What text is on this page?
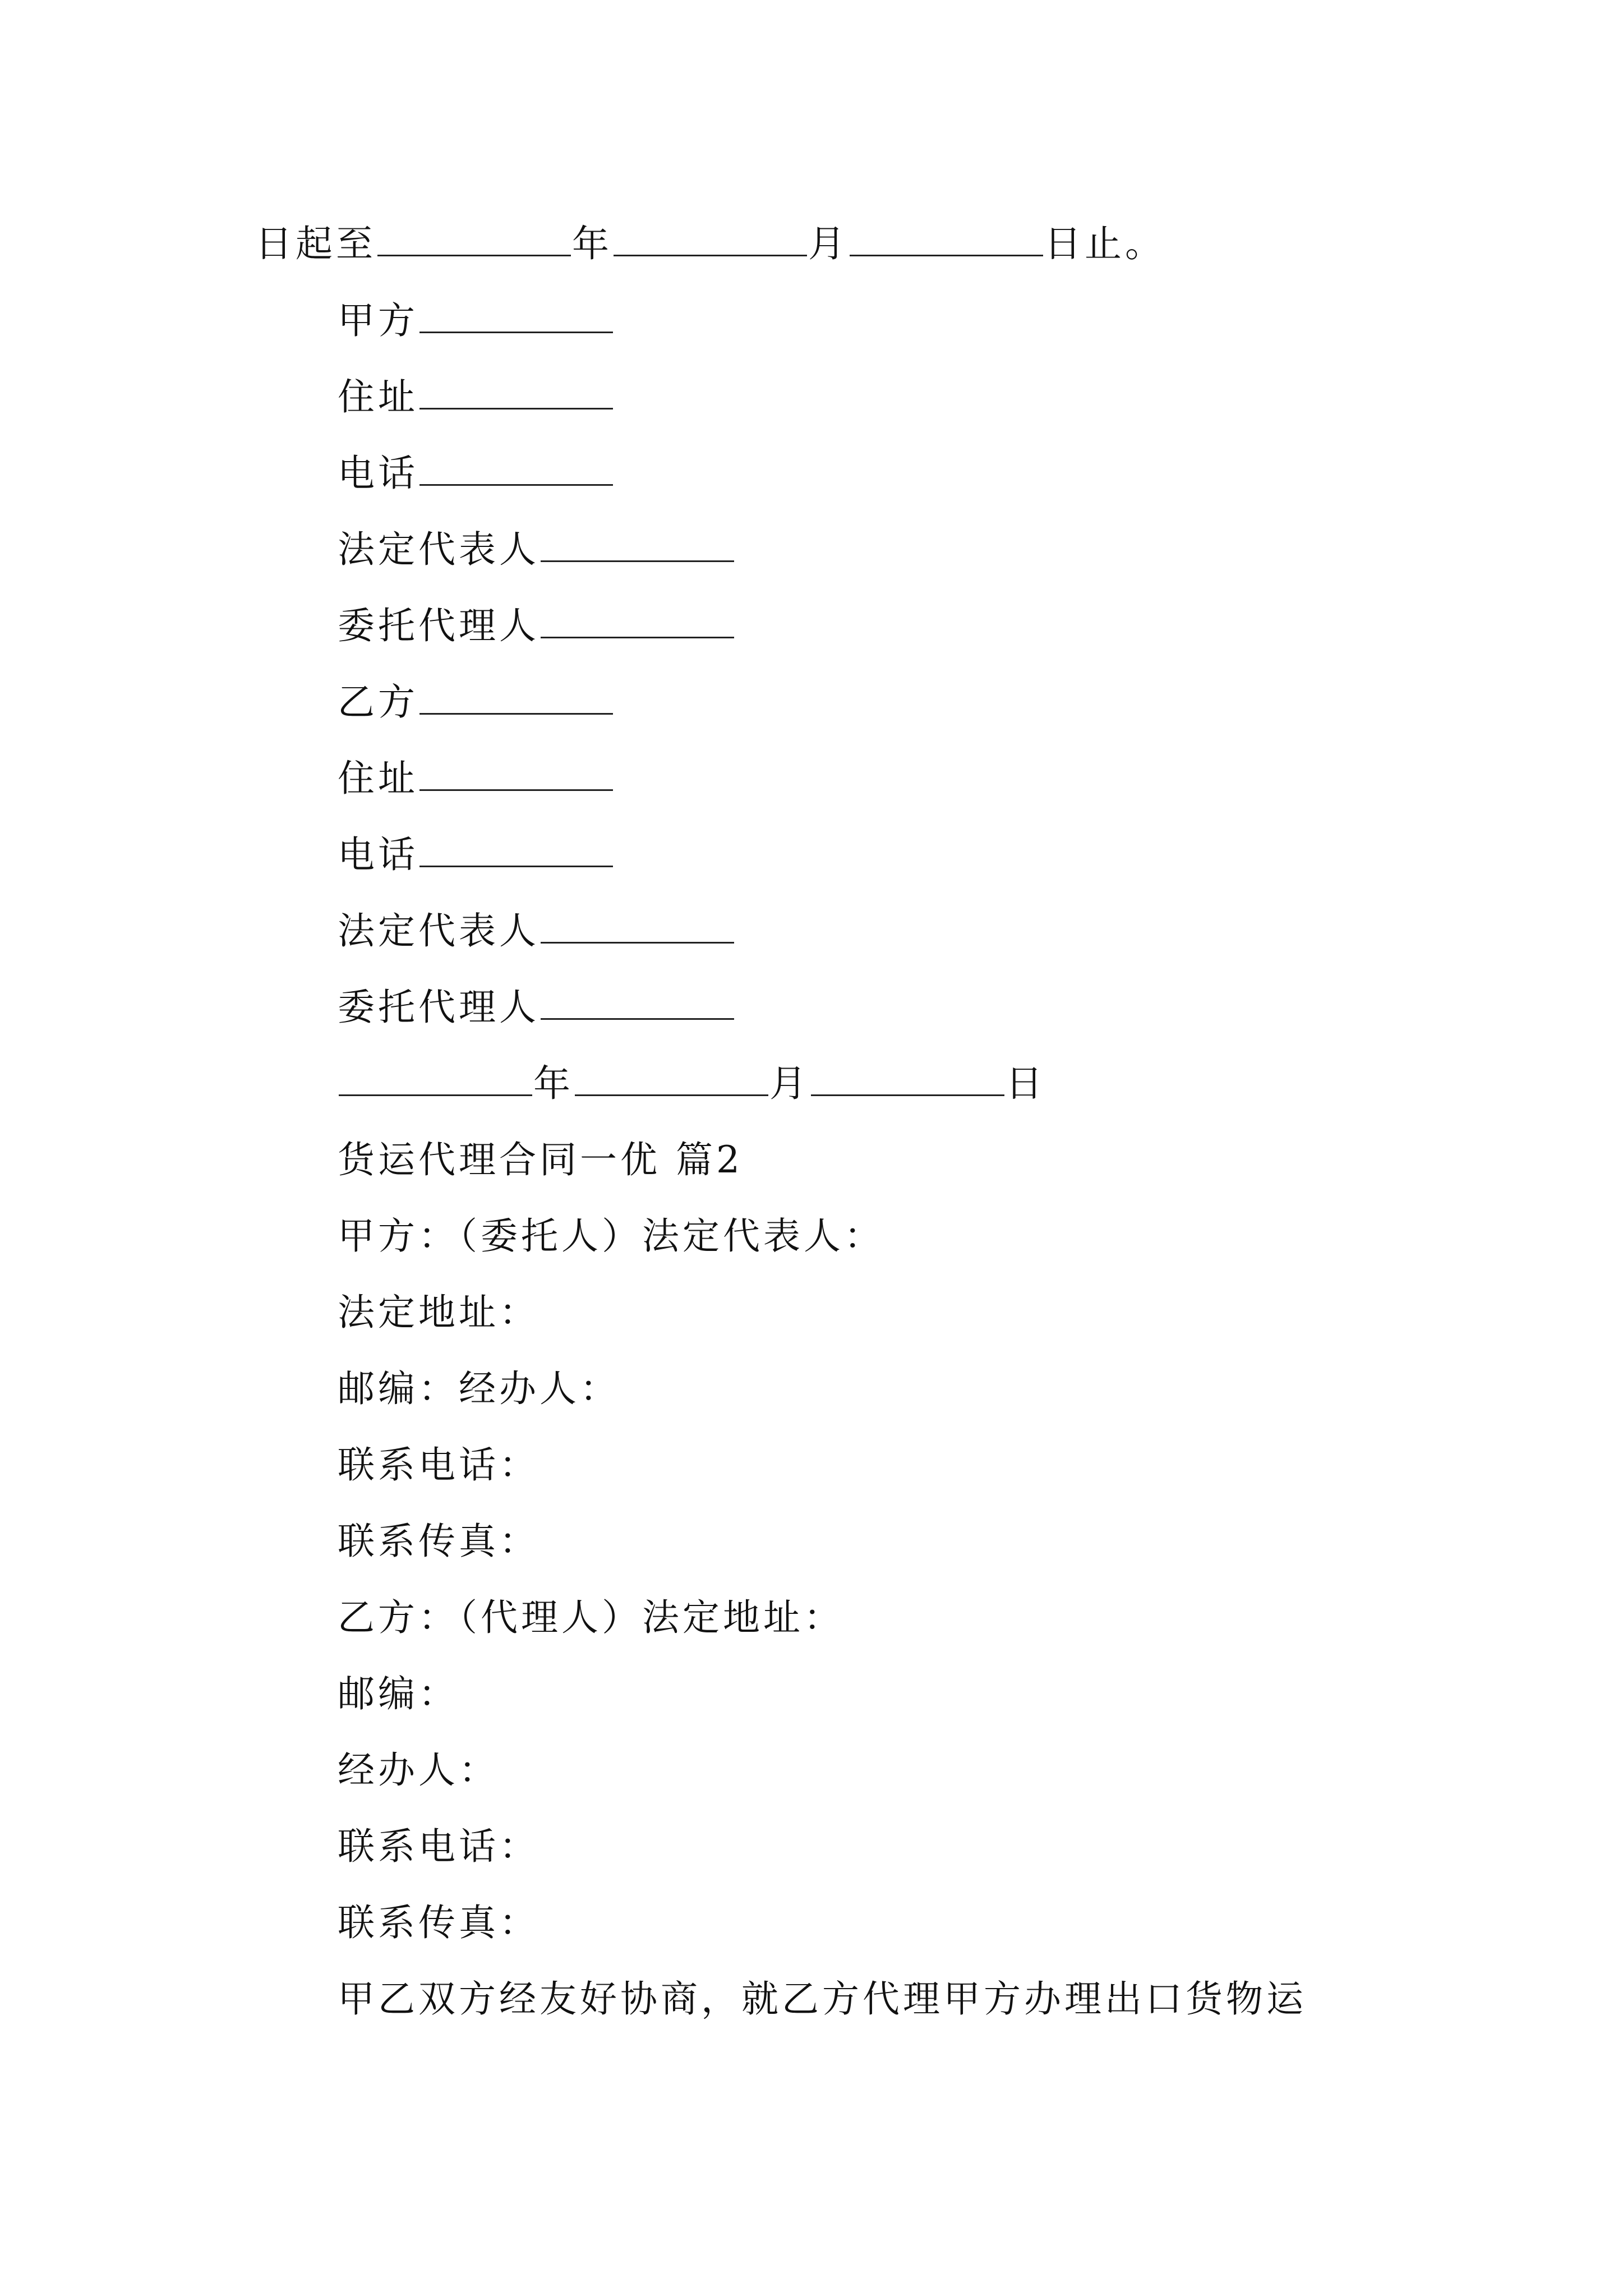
日起至	年	月	日止。
甲方
住址
电话
法定代表人
委托代理人
乙方
住址
电话
法定代表人
委托代理人
年	月	日
货运代理合同一优 篇2
甲方：（委托人）法定代表人：
法定地址：
邮编：经办人：
联系电话：
联系传真：
乙方：（代理人）法定地址：
邮编：
经办人：
联系电话：
联系传真：
甲乙双方经友好协商，就乙方代理甲方办理出口货物运
